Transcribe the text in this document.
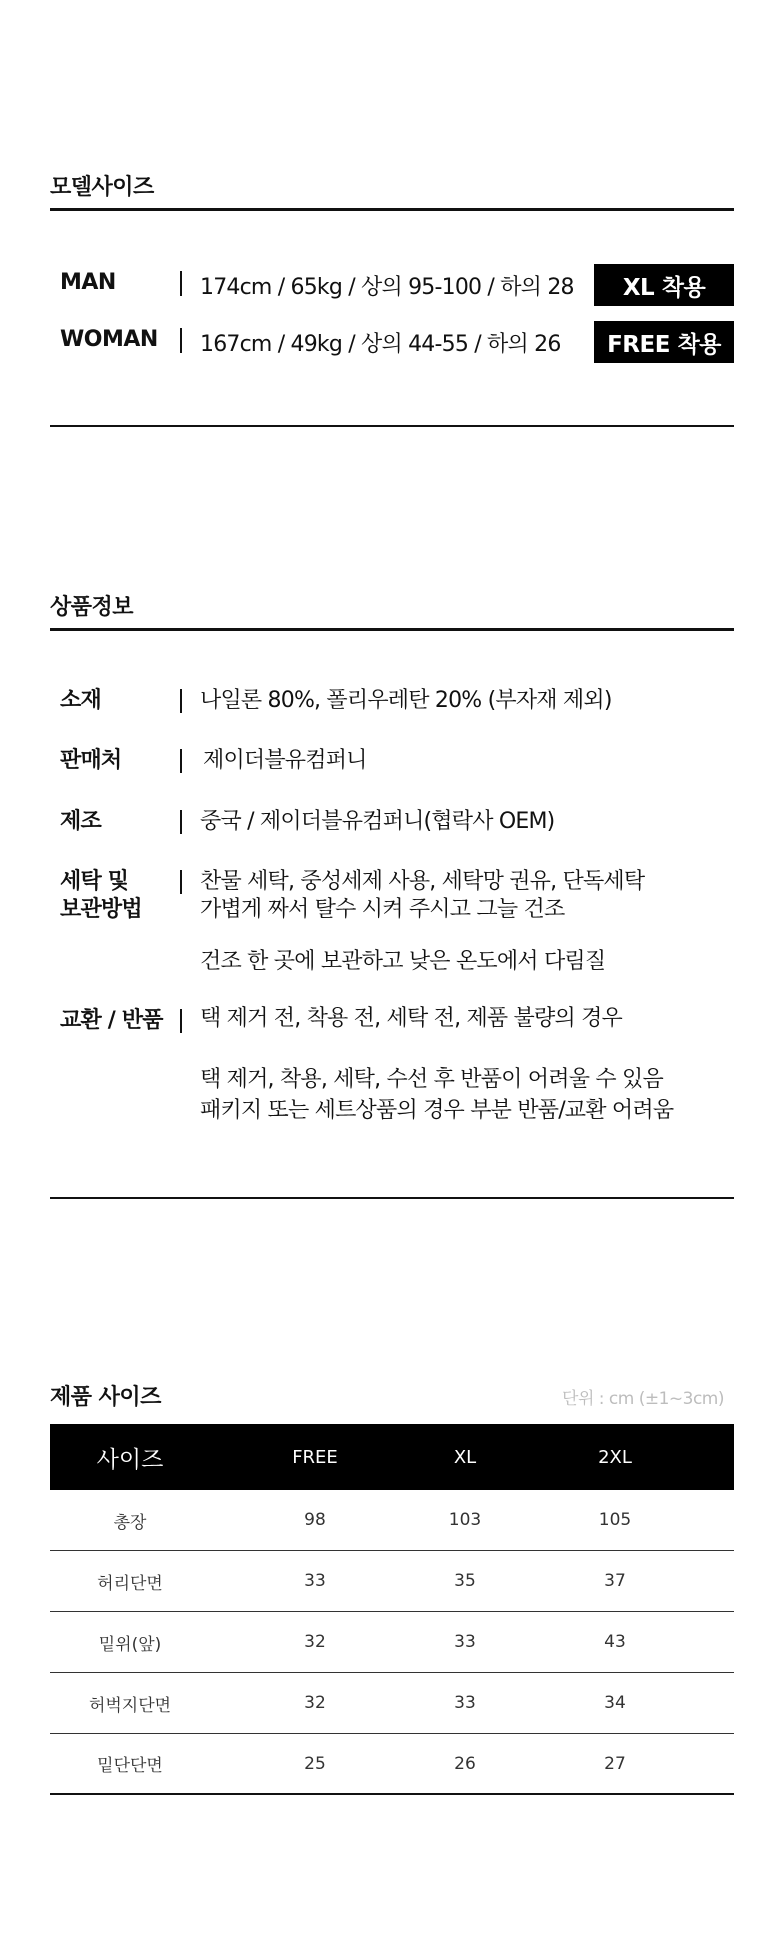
모델사이즈
MAN	174cm / 65kg / 상의 95-100 / 하의 28	XL 착용
WOMAN 167cm / 49kg / 상의 44-55 / 하의 26	FREE 착용
상품정보
소재	나일론 80%, 폴리우레탄 20% (부자재 제외)
판매처	제이더블유컴퍼니
제조	중국 / 제이더블유컴퍼니(협락사 OEM)
세탁 및
보관방법
찬물 세탁, 중성세제 사용, 세탁망 권유, 단독세탁
가볍게 짜서 탈수 시켜 주시고 그늘 건조
건조 한 곳에 보관하고 낮은 온도에서 다림질
교환 / 반품 택 제거 전, 착용 전, 세탁 전, 제품 불량의 경우
택 제거, 착용, 세탁, 수선 후 반품이 어려울 수 있음
패키지 또는 세트상품의 경우 부분 반품/교환 어려움
제품 사이즈	단위 : cm (±1~3cm)
사이즈	FREE	XL	2XL
총장	98	103	105
허리단면	33	35	37
밑위(앞)	32	33	43
허벅지단면	32	33	34
밑단단면	25	26	27
